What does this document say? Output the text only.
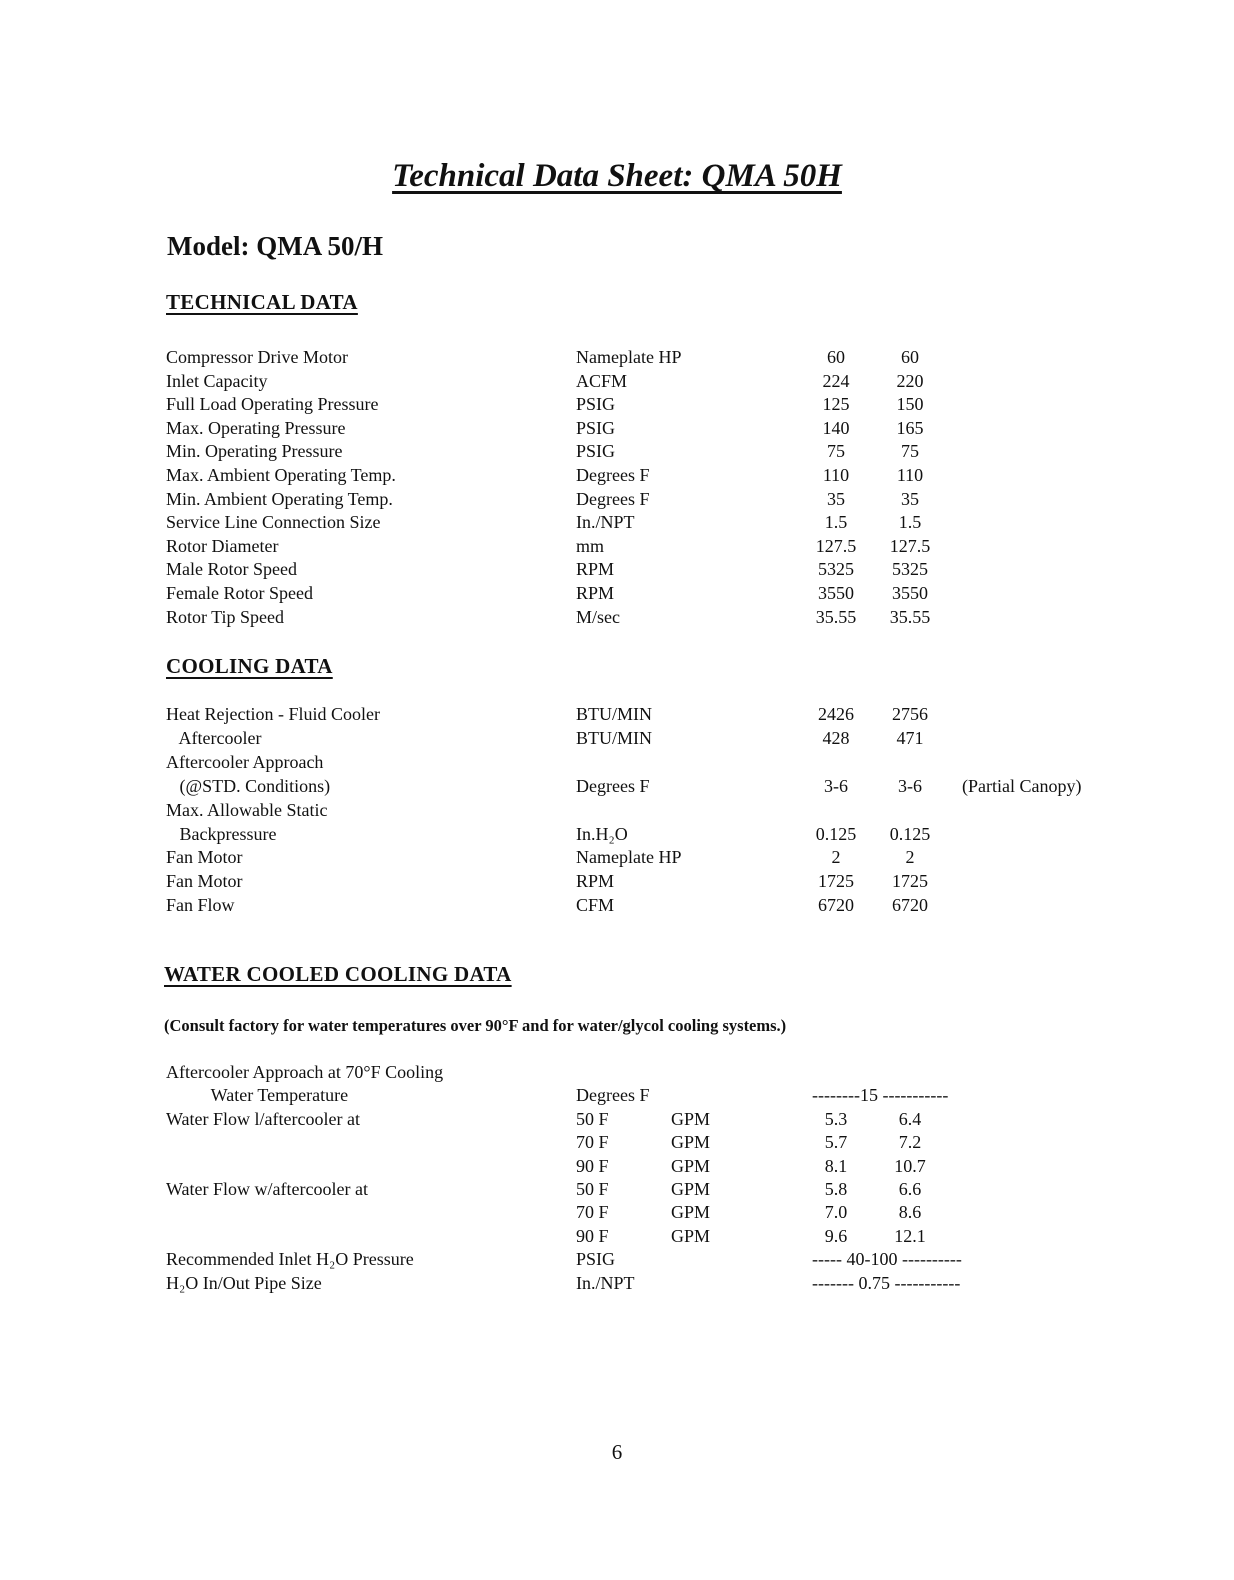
Technical Data Sheet: QMA 50H
Model: QMA 50/H
TECHNICAL DATA
Compressor Drive Motor	Nameplate HP	60	60
Inlet Capacity	ACFM	224	220
Full Load Operating Pressure	PSIG	125	150
Max. Operating Pressure	PSIG	140	165
Min. Operating Pressure	PSIG	75	75
Max. Ambient Operating Temp.	Degrees F	110	110
Min. Ambient Operating Temp.	Degrees F	35	35
Service Line Connection Size	In./NPT	1.5	1.5
Rotor Diameter	mm	127.5	127.5
Male Rotor Speed	RPM	5325	5325
Female Rotor Speed	RPM	3550	3550
Rotor Tip Speed	M/sec	35.55	35.55
COOLING DATA
Heat Rejection - Fluid Cooler	BTU/MIN	2426	2756
Aftercooler	BTU/MIN	428	471
Aftercooler Approach
(@STD. Conditions)	Degrees F	3-6	3-6	(Partial Canopy)
Max. Allowable Static
Backpressure	In.H₂O	0.125	0.125
Fan Motor	Nameplate HP	2	2
Fan Motor	RPM	1725	1725
Fan Flow	CFM	6720	6720
WATER COOLED COOLING DATA
(Consult factory for water temperatures over 90°F and for water/glycol cooling systems.)
Aftercooler Approach at 70°F Cooling
Water Temperature	Degrees F	--------15 -----------
Water Flow l/aftercooler at	50 F	GPM	5.3	6.4
70 F	GPM	5.7	7.2
90 F	GPM	8.1	10.7
Water Flow w/aftercooler at	50 F	GPM	5.8	6.6
70 F	GPM	7.0	8.6
90 F	GPM	9.6	12.1
Recommended Inlet H₂O Pressure	PSIG	----- 40-100 ----------
H₂O In/Out Pipe Size	In./NPT	------- 0.75 -----------
6
